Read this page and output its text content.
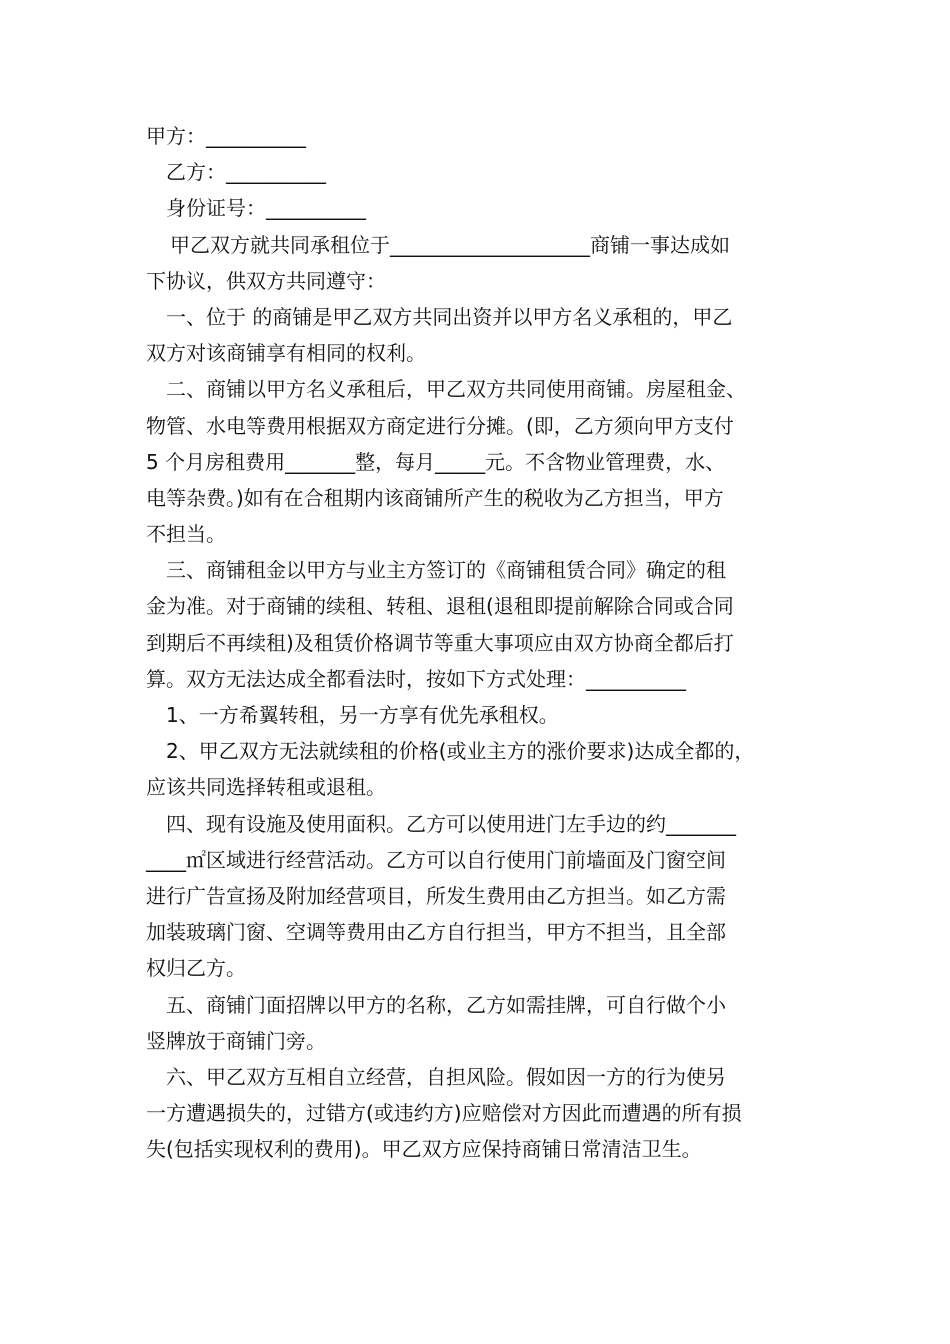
甲方：__________
乙方：__________
身份证号：__________
甲乙双方就共同承租位于____________________商铺一事达成如
下协议，供双方共同遵守：
一、位于 的商铺是甲乙双方共同出资并以甲方名义承租的，甲乙
双方对该商铺享有相同的权利。
二、商铺以甲方名义承租后，甲乙双方共同使用商铺。房屋租金、
物管、水电等费用根据双方商定进行分摊。(即，乙方须向甲方支付
5 个月房租费用_______整，每月_____元。不含物业管理费，水、
电等杂费。)如有在合租期内该商铺所产生的税收为乙方担当，甲方
不担当。
三、商铺租金以甲方与业主方签订的《商铺租赁合同》确定的租
金为准。对于商铺的续租、转租、退租(退租即提前解除合同或合同
到期后不再续租)及租赁价格调节等重大事项应由双方协商全都后打
算。双方无法达成全都看法时，按如下方式处理：__________
1、一方希翼转租，另一方享有优先承租权。
2、甲乙双方无法就续租的价格(或业主方的涨价要求)达成全都的，
应该共同选择转租或退租。
四、现有设施及使用面积。乙方可以使用进门左手边的约_______
____㎡区域进行经营活动。乙方可以自行使用门前墙面及门窗空间
进行广告宣扬及附加经营项目，所发生费用由乙方担当。如乙方需
加装玻璃门窗、空调等费用由乙方自行担当，甲方不担当，且全部
权归乙方。
五、商铺门面招牌以甲方的名称，乙方如需挂牌，可自行做个小
竖牌放于商铺门旁。
六、甲乙双方互相自立经营，自担风险。假如因一方的行为使另
一方遭遇损失的，过错方(或违约方)应赔偿对方因此而遭遇的所有损
失(包括实现权利的费用)。甲乙双方应保持商铺日常清洁卫生。
